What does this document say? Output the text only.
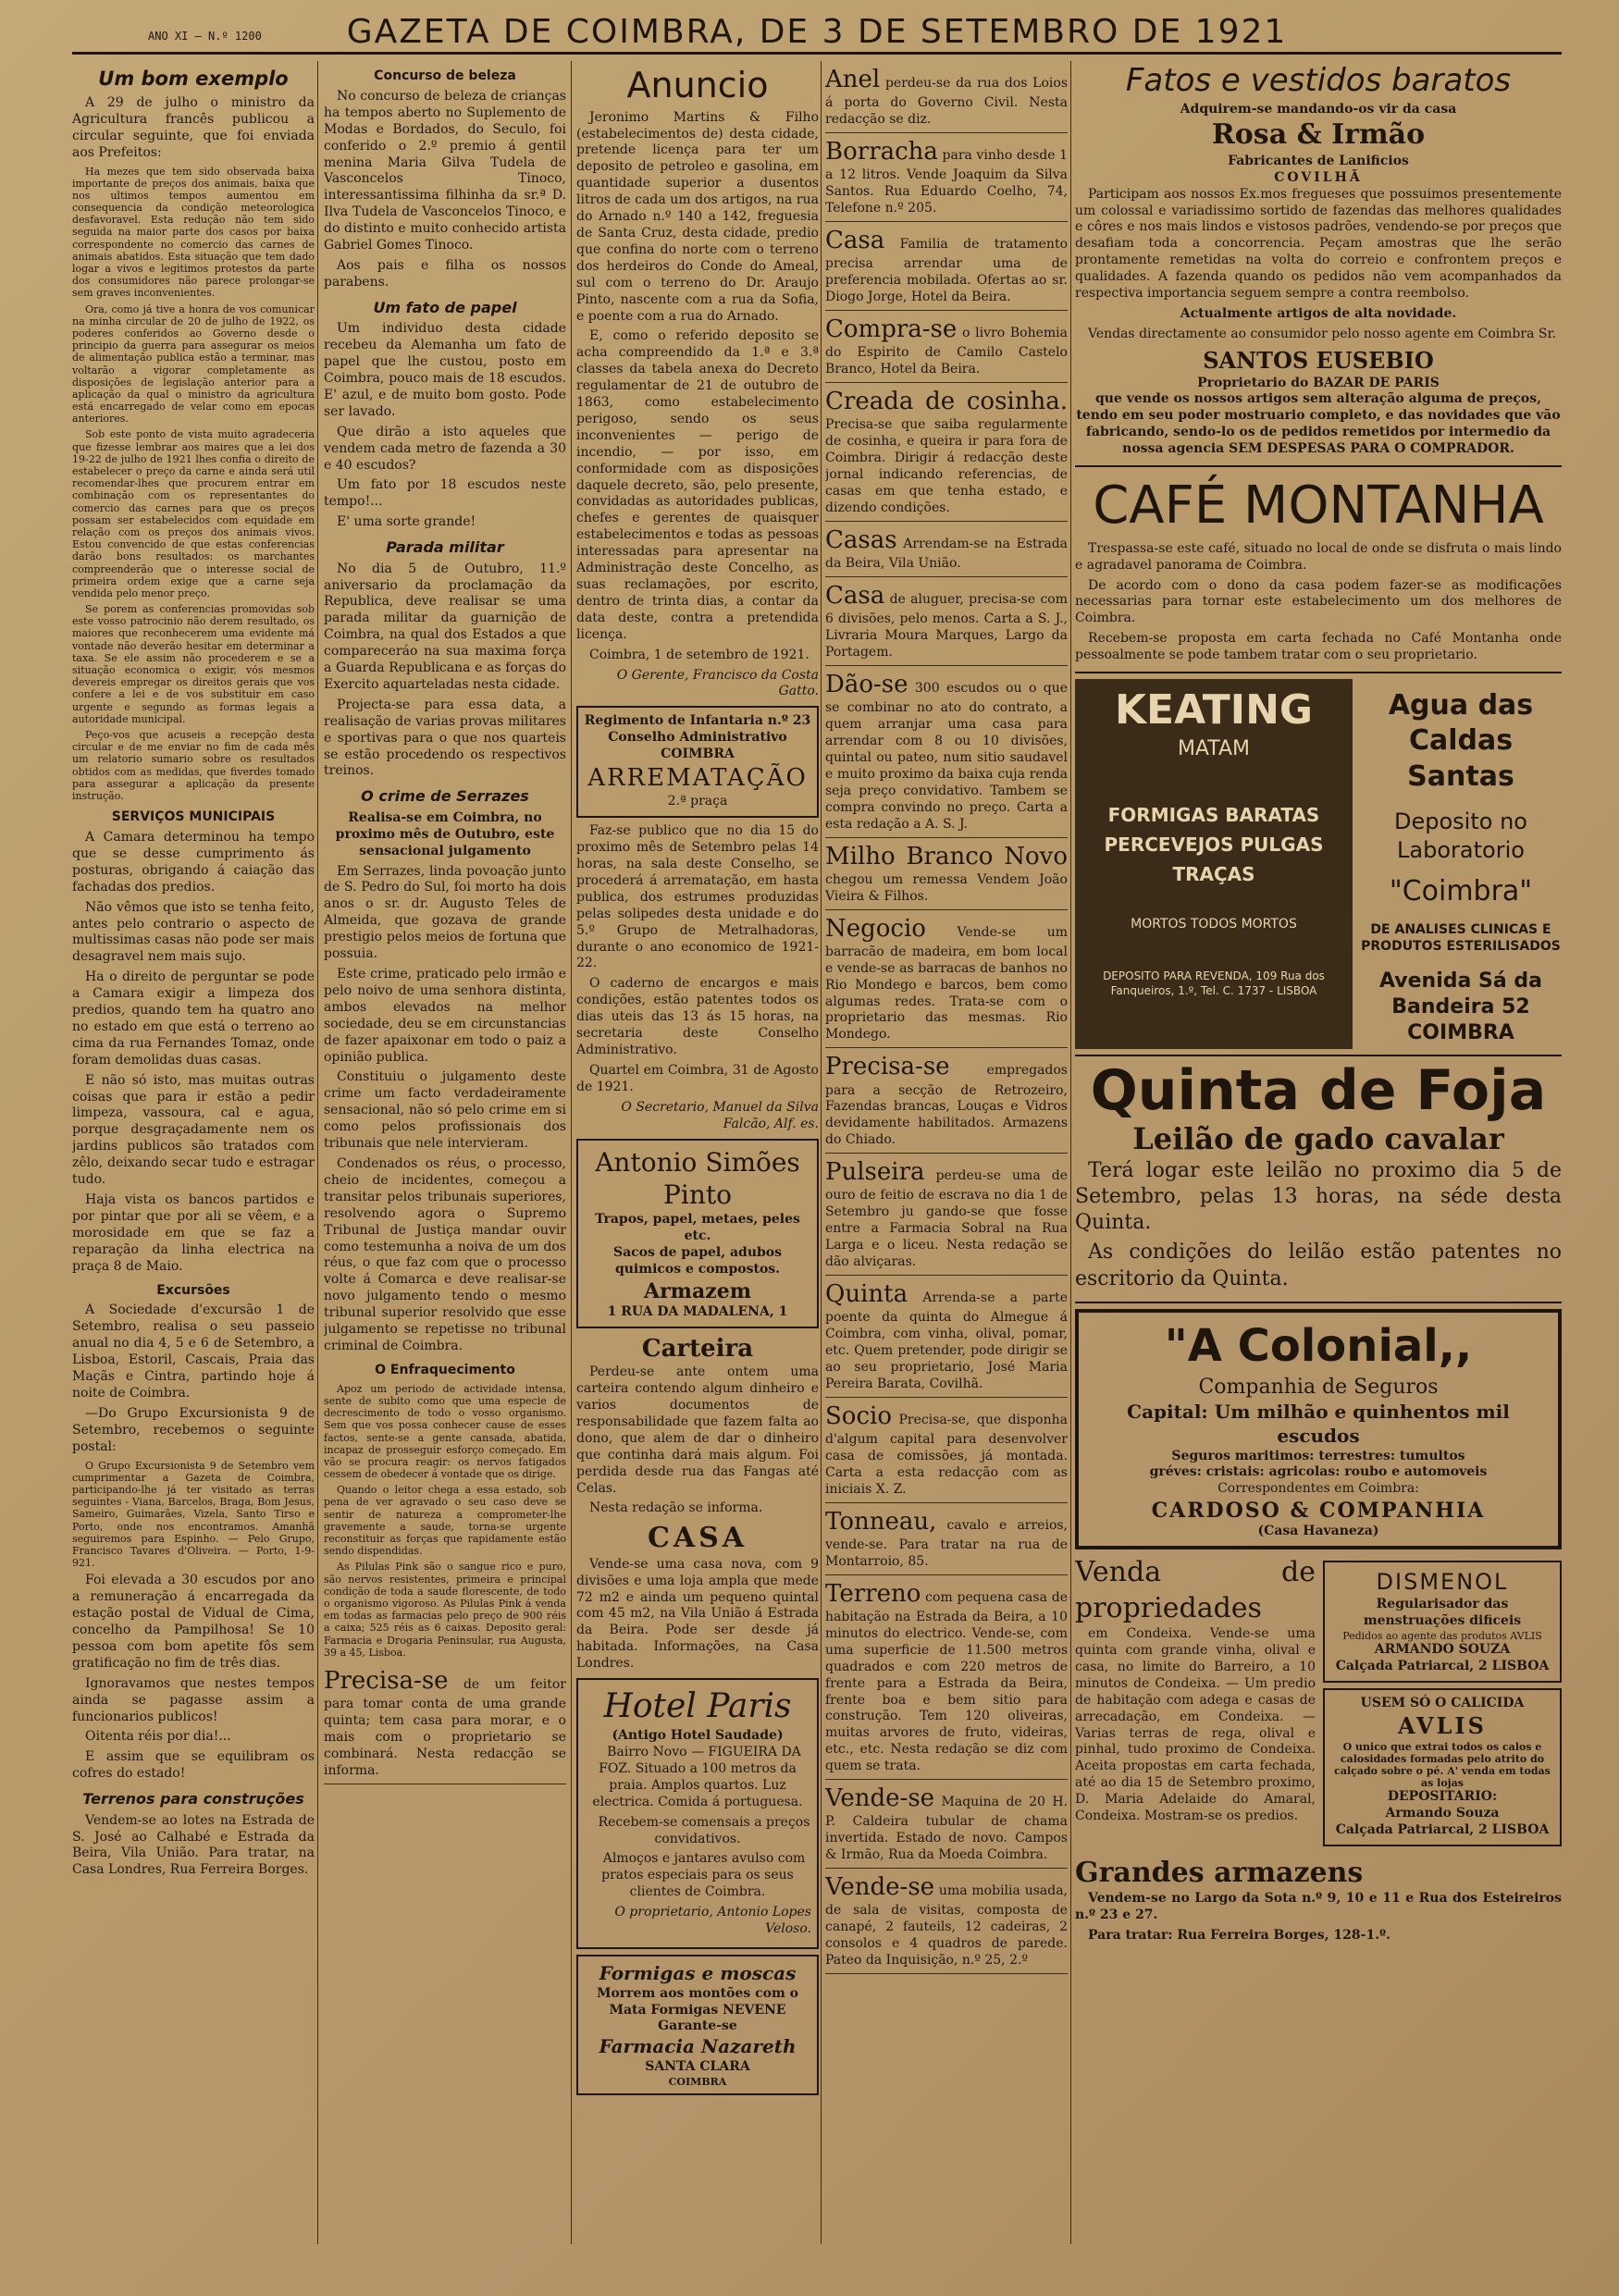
ANO XI — N.º 1200	GAZETA DE COIMBRA, DE 3 DE SETEMBRO DE 1921
Um bom exemplo

A 29 de julho o ministro da Agricultura francês publicou a circular seguinte, que foi enviada aos Prefeitos:

Ha mezes que tem sido observada baixa importante de preços dos animais, baixa que nos ultimos tempos aumentou em consequencia da condição meteorologica desfavoravel. Esta redução não tem sido seguida na maior parte dos casos por baixa correspondente no comercio das carnes de animais abatidos. Esta situação que tem dado logar a vivos e legitimos protestos da parte dos consumidores não parece prolongar-se sem graves inconvenientes.

Ora, como já tive a honra de vos comunicar na minha circular de 20 de julho de 1922, os poderes conferidos ao Governo desde o principio da guerra para assegurar os meios de alimentação publica estão a terminar, mas voltarão a vigorar completamente as disposições de legislação anterior para a aplicação da qual o ministro da agricultura está encarregado de velar como em epocas anteriores.

Sob este ponto de vista muito agradeceria que fizesse lembrar aos maires que a lei dos 19-22 de julho de 1921 lhes confia o direito de estabelecer o preço da carne e ainda será util recomendar-lhes que procurem entrar em combinação com os representantes do comercio das carnes para que os preços possam ser estabelecidos com equidade em relação com os preços dos animais vivos. Estou convencido de que estas conferencias darão bons resultados: os marchantes compreenderão que o interesse social de primeira ordem exige que a carne seja vendida pelo menor preço.

Se porem as conferencias promovidas sob este vosso patrocinio não derem resultado, os maiores que reconhecerem uma evidente má vontade não deverão hesitar em determinar a taxa. Se ele assim não procederem e se a situação economica o exigir, vós mesmos devereis empregar os direitos gerais que vos confere a lei e de vos substituir em caso urgente e segundo as formas legais a autoridade municipal.

Peço-vos que acuseis a recepção desta circular e de me enviar no fim de cada mês um relatorio sumario sobre os resultados obtidos com as medidas, que fiverdes tomado para assegurar a aplicação da presente instrução.

SERVIÇOS MUNICIPAIS

A Camara determinou ha tempo que se desse cumprimento ás posturas, obrigando á caiação das fachadas dos predios.

Não vêmos que isto se tenha feito, antes pelo contrario o aspecto de multissimas casas não pode ser mais desagravel nem mais sujo.

Ha o direito de perguntar se pode a Camara exigir a limpeza dos predios, quando tem ha quatro ano no estado em que está o terreno ao cima da rua Fernandes Tomaz, onde foram demolidas duas casas.

E não só isto, mas muitas outras coisas que para ir estão a pedir limpeza, vassoura, cal e agua, porque desgraçadamente nem os jardins publicos são tratados com zêlo, deixando secar tudo e estragar tudo.

Haja vista os bancos partidos e por pintar que por ali se vêem, e a morosidade em que se faz a reparação da linha electrica na praça 8 de Maio.

Excursões

A Sociedade d'excursão 1 de Setembro, realisa o seu passeio anual no dia 4, 5 e 6 de Setembro, a Lisboa, Estoril, Cascais, Praia das Maçãs e Cintra, partindo hoje á noite de Coimbra.

—Do Grupo Excursionista 9 de Setembro, recebemos o seguinte postal:

O Grupo Excursionista 9 de Setembro vem cumprimentar a Gazeta de Coimbra, participando-lhe já ter visitado as terras seguintes - Viana, Barcelos, Braga, Bom Jesus, Sameiro, Guimarães, Vizela, Santo Tirso e Porto, onde nos encontramos. Amanhã seguiremos para Espinho. — Pelo Grupo, Francisco Tavares d'Oliveira. — Porto, 1-9-921.

Foi elevada a 30 escudos por ano a remuneração á encarregada da estação postal de Vidual de Cima, concelho da Pampilhosa! Se 10 pessoa com bom apetite fôs sem gratificação no fim de três dias.

Ignoravamos que nestes tempos ainda se pagasse assim a funcionarios publicos!

Oitenta réis por dia!...

E assim que se equilibram os cofres do estado!

Terrenos para construções

Vendem-se ao lotes na Estrada de S. José ao Calhabé e Estrada da Beira, Vila União. Para tratar, na Casa Londres, Rua Ferreira Borges.

Concurso de beleza

No concurso de beleza de crianças ha tempos aberto no Suplemento de Modas e Bordados, do Seculo, foi conferido o 2.º premio á gentil menina Maria Gilva Tudela de Vasconcelos Tinoco, interessantissima filhinha da sr.ª D. Ilva Tudela de Vasconcelos Tinoco, e do distinto e muito conhecido artista Gabriel Gomes Tinoco.

Aos pais e filha os nossos parabens.

Um fato de papel

Um individuo desta cidade recebeu da Alemanha um fato de papel que lhe custou, posto em Coimbra, pouco mais de 18 escudos. E' azul, e de muito bom gosto. Pode ser lavado.

Que dirão a isto aqueles que vendem cada metro de fazenda a 30 e 40 escudos?

Um fato por 18 escudos neste tempo!...

E' uma sorte grande!

Parada militar

No dia 5 de Outubro, 11.º aniversario da proclamação da Republica, deve realisar se uma parada militar da guarnição de Coimbra, na qual dos Estados a que compareceráo na sua maxima força a Guarda Republicana e as forças do Exercito aquarteladas nesta cidade.

Projecta-se para essa data, a realisação de varias provas militares e sportivas para o que nos quarteis se estão procedendo os respectivos treinos.

O crime de Serrazes

Realisa-se em Coimbra, no proximo mês de Outubro, este sensacional julgamento

Em Serrazes, linda povoação junto de S. Pedro do Sul, foi morto ha dois anos o sr. dr. Augusto Teles de Almeida, que gozava de grande prestigio pelos meios de fortuna que possuia.

Este crime, praticado pelo irmão e pelo noivo de uma senhora distinta, ambos elevados na melhor sociedade, deu se em circunstancias de fazer apaixonar em todo o paiz a opinião publica.

Constituiu o julgamento deste crime um facto verdadeiramente sensacional, não só pelo crime em si como pelos profissionais dos tribunais que nele intervieram.

Condenados os réus, o processo, cheio de incidentes, começou a transitar pelos tribunais superiores, resolvendo agora o Supremo Tribunal de Justiça mandar ouvir como testemunha a noiva de um dos réus, o que faz com que o processo volte á Comarca e deve realisar-se novo julgamento tendo o mesmo tribunal superior resolvido que esse julgamento se repetisse no tribunal criminal de Coimbra.

O Enfraquecimento

Apoz um periodo de actividade intensa, sente de subito como que uma especie de decrescimento de todo o vosso organismo. Sem que vos possa conhecer cause de esses factos, sente-se a gente cansada, abatida, incapaz de prosseguir esforço começado. Em vão se procura reagir: os nervos fatigados cessem de obedecer á vontade que os dirige.

Quando o leitor chega a essa estado, sob pena de ver agravado o seu caso deve se sentir de natureza a comprometer-lhe gravemente a saude, torna-se urgente reconstituir as forças que rapidamente estão sendo dispendidas.

As Pilulas Pink são o sangue rico e puro, são nervos resistentes, primeira e principal condição de toda a saude florescente, de todo o organismo vigoroso. As Pilulas Pink á venda em todas as farmacias pelo preço de 900 réis a caixa; 525 réis as 6 caixas. Deposito geral: Farmacia e Drogaria Peninsular, rua Augusta, 39 a 45, Lisboa.

Precisa-se de um feitor para tomar conta de uma grande quinta; tem casa para morar, e o mais com o proprietario se combinará. Nesta redacção se informa.
Anuncio

Jeronimo Martins & Filho (estabelecimentos de) desta cidade, pretende licença para ter um deposito de petroleo e gasolina, em quantidade superior a dusentos litros de cada um dos artigos, na rua do Arnado n.º 140 a 142, freguesia de Santa Cruz, desta cidade, predio que confina do norte com o terreno dos herdeiros do Conde do Ameal, sul com o terreno do Dr. Araujo Pinto, nascente com a rua da Sofia, e poente com a rua do Arnado.

E, como o referido deposito se acha compreendido da 1.ª e 3.ª classes da tabela anexa do Decreto regulamentar de 21 de outubro de 1863, como estabelecimento perigoso, sendo os seus inconvenientes — perigo de incendio, — por isso, em conformidade com as disposições daquele decreto, são, pelo presente, convidadas as autoridades publicas, chefes e gerentes de quaisquer estabelecimentos e todas as pessoas interessadas para apresentar na Administração deste Concelho, as suas reclamações, por escrito, dentro de trinta dias, a contar da data deste, contra a pretendida licença.

Coimbra, 1 de setembro de 1921.

O Gerente, Francisco da Costa Gatto.

Regimento de Infantaria n.º 23
Conselho Administrativo
COIMBRA
ARREMATAÇÃO
2.ª praça

Faz-se publico que no dia 15 do proximo mês de Setembro pelas 14 horas, na sala deste Conselho, se procederá á arrematação, em hasta publica, dos estrumes produzidas pelas solipedes desta unidade e do 5.º Grupo de Metralhadoras, durante o ano economico de 1921-22.

O caderno de encargos e mais condições, estão patentes todos os dias uteis das 13 ás 15 horas, na secretaria deste Conselho Administrativo.

Quartel em Coimbra, 31 de Agosto de 1921.

O Secretario, Manuel da Silva Falcão, Alf. es.

Antonio Simões Pinto
Trapos, papel, metaes, peles etc.
Sacos de papel, adubos quimicos e compostos.
Armazem
1 RUA DA MADALENA, 1
Carteira

Perdeu-se ante ontem uma carteira contendo algum dinheiro e varios documentos de responsabilidade que fazem falta ao dono, que alem de dar o dinheiro que continha dará mais algum. Foi perdida desde rua das Fangas até Celas.

Nesta redação se informa.

CASA

Vende-se uma casa nova, com 9 divisões e uma loja ampla que mede 72 m2 e ainda um pequeno quintal com 45 m2, na Vila União á Estrada da Beira. Pode ser desde já habitada. Informações, na Casa Londres.

Hotel Paris
(Antigo Hotel Saudade)

Bairro Novo — FIGUEIRA DA FOZ. Situado a 100 metros da praia. Amplos quartos. Luz electrica. Comida á portuguesa.

Recebem-se comensais a preços convidativos.

Almoços e jantares avulso com pratos especiais para os seus clientes de Coimbra.

O proprietario, Antonio Lopes Veloso.

Formigas e moscas
Morrem aos montões com o
Mata Formigas NEVENE
Garante-se
Farmacia Nazareth
SANTA CLARA
COIMBRA
Anel perdeu-se da rua dos Loios á porta do Governo Civil. Nesta redacção se diz.
Borracha para vinho desde 1 a 12 litros. Vende Joaquim da Silva Santos. Rua Eduardo Coelho, 74, Telefone n.º 205.
Casa Familia de tratamento precisa arrendar uma de preferencia mobilada. Ofertas ao sr. Diogo Jorge, Hotel da Beira.
Compra-se o livro Bohemia do Espirito de Camilo Castelo Branco, Hotel da Beira.
Creada de cosinha. Precisa-se que saiba regularmente de cosinha, e queira ir para fora de Coimbra. Dirigir á redacção deste jornal indicando referencias, de casas em que tenha estado, e dizendo condições.
Casas Arrendam-se na Estrada da Beira, Vila União.
Casa de aluguer, precisa-se com 6 divisões, pelo menos. Carta a S. J., Livraria Moura Marques, Largo da Portagem.
Dão-se 300 escudos ou o que se combinar no ato do contrato, a quem arranjar uma casa para arrendar com 8 ou 10 divisões, quintal ou pateo, num sitio saudavel e muito proximo da baixa cuja renda seja preço convidativo. Tambem se compra convindo no preço. Carta a esta redação a A. S. J.
Milho Branco Novo chegou um remessa Vendem João Vieira & Filhos.
Negocio Vende-se um barracão de madeira, em bom local e vende-se as barracas de banhos no Rio Mondego e barcos, bem como algumas redes. Trata-se com o proprietario das mesmas. Rio Mondego.
Precisa-se	empregados para a secção de Retrozeiro, Fazendas brancas, Louças e Vidros devidamente habilitados. Armazens do Chiado.
Pulseira perdeu-se uma de ouro de feitio de escrava no dia 1 de Setembro ju gando-se que fosse entre a Farmacia Sobral na Rua Larga e o liceu. Nesta redação se dão alviçaras.
Quinta Arrenda-se a parte poente da quinta do Almegue á Coimbra, com vinha, olival, pomar, etc. Quem pretender, pode dirigir se ao seu proprietario, José Maria Pereira Barata, Covilhã.
Socio Precisa-se, que disponha d'algum capital para desenvolver casa de comissões, já montada. Carta a esta redacção com as iniciais X. Z.
Tonneau, cavalo e arreios, vende-se. Para tratar na rua de Montarroio, 85.
Terreno com pequena casa de habitação na Estrada da Beira, a 10 minutos do electrico. Vende-se, com uma superficie de 11.500 metros quadrados e com 220 metros de frente para a Estrada da Beira, frente boa e bem sitio para construção. Tem 120 oliveiras, muitas arvores de fruto, videiras, etc., etc. Nesta redação se diz com quem se trata.
Vende-se Maquina de 20 H. P. Caldeira tubular de chama invertida. Estado de novo. Campos & Irmão, Rua da Moeda Coimbra.
Vende-se uma mobilia usada, de sala de visitas, composta de canapé, 2 fauteils, 12 cadeiras, 2 consolos e 4 quadros de parede. Pateo da Inquisição, n.º 25, 2.º
Fatos e vestidos baratos
Adquirem-se mandando-os vir da casa
Rosa & Irmão
Fabricantes de Lanificios
COVILHÃ

Participam aos nossos Ex.mos fregueses que possuimos presentemente um colossal e variadissimo sortido de fazendas das melhores qualidades e côres e nos mais lindos e vistosos padrões, vendendo-se por preços que desafiam toda a concorrencia. Peçam amostras que lhe serão prontamente remetidas na volta do correio e confrontem preços e qualidades. A fazenda quando os pedidos não vem acompanhados da respectiva importancia seguem sempre a contra reembolso.

Actualmente artigos de alta novidade.

Vendas directamente ao consumidor pelo nosso agente em Coimbra Sr.

SANTOS EUSEBIO
Proprietario do BAZAR DE PARIS

que vende os nossos artigos sem alteração alguma de preços, tendo em seu poder mostruario completo, e das novidades que vão fabricando, sendo-lo os de pedidos remetidos por intermedio da nossa agencia SEM DESPESAS PARA O COMPRADOR.

CAFÉ MONTANHA

Trespassa-se este café, situado no local de onde se disfruta o mais lindo e agradavel panorama de Coimbra.

De acordo com o dono da casa podem fazer-se as modificações necessarias para tornar este estabelecimento um dos melhores de Coimbra.

Recebem-se proposta em carta fechada no Café Montanha onde pessoalmente se pode tambem tratar com o seu proprietario.

KEATING
MATAM
FORMIGAS BARATAS PERCEVEJOS PULGAS TRAÇAS
MORTOS TODOS MORTOS
DEPOSITO PARA REVENDA, 109 Rua dos Fanqueiros, 1.º, Tel. C. 1737 - LISBOA
Agua das Caldas Santas
Deposito no Laboratorio
"Coimbra"
DE ANALISES CLINICAS E PRODUTOS ESTERILISADOS
Avenida Sá da Bandeira 52 COIMBRA
Quinta de Foja
Leilão de gado cavalar

Terá logar este leilão no proximo dia 5 de Setembro, pelas 13 horas, na séde desta Quinta.

As condições do leilão estão patentes no escritorio da Quinta.

"A Colonial,,
Companhia de Seguros
Capital: Um milhão e quinhentos mil escudos
Seguros maritimos: terrestres: tumultos
gréves: cristais: agricolas: roubo e automoveis
Correspondentes em Coimbra:
CARDOSO & COMPANHIA
(Casa Havaneza)
Venda de propriedades

em Condeixa. Vende-se uma quinta com grande vinha, olival e casa, no limite do Barreiro, a 10 minutos de Condeixa. — Um predio de habitação com adega e casas de arrecadação, em Condeixa. — Varias terras de rega, olival e pinhal, tudo proximo de Condeixa. Aceita propostas em carta fechada, até ao dia 15 de Setembro proximo, D. Maria Adelaide do Amaral, Condeixa. Mostram-se os predios.

DISMENOL
Regularisador das menstruações dificeis
Pedidos ao agente das produtos AVLIS
ARMANDO SOUZA
Calçada Patriarcal, 2 LISBOA
USEM SÓ O CALICIDA
AVLIS
O unico que extrai todos os calos e calosidades formadas pelo atrito do calçado sobre o pé. A' venda em todas as lojas
DEPOSITARIO:
Armando Souza
Calçada Patriarcal, 2 LISBOA
Grandes armazens

Vendem-se no Largo da Sota n.º 9, 10 e 11 e Rua dos Esteireiros n.º 23 e 27.

Para tratar: Rua Ferreira Borges, 128-1.º.
